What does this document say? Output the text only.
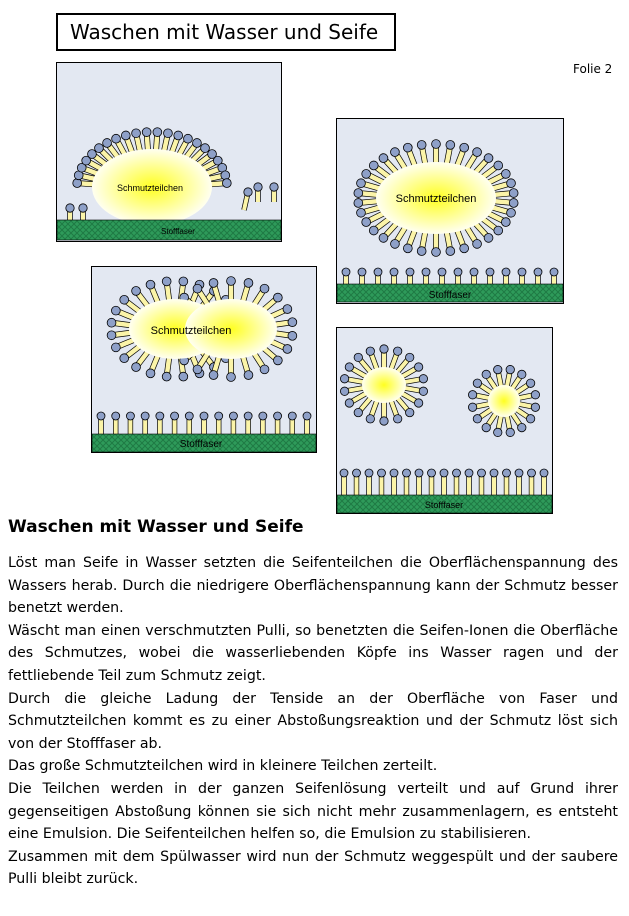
Waschen mit Wasser und Seife
Folie 2
Schmutzteilchen
Stofffaser
Schmutzteilchen
Stofffaser
Schmutzteilchen
Stofffaser
Stofffaser
Waschen mit Wasser und Seife

Löst man Seife in Wasser setzten die Seifenteilchen die Oberflächenspannung des Wassers herab. Durch die niedrigere Oberflächenspannung kann der Schmutz besser benetzt werden.

Wäscht man einen verschmutzten Pulli, so benetzten die Seifen-Ionen die Oberfläche des Schmutzes, wobei die wasserliebenden Köpfe ins Wasser ragen und der fettliebende Teil zum Schmutz zeigt.

Durch die gleiche Ladung der Tenside an der Oberfläche von Faser und Schmutzteilchen kommt es zu einer Abstoßungsreaktion und der Schmutz löst sich von der Stofffaser ab.

Das große Schmutzteilchen wird in kleinere Teilchen zerteilt.

Die Teilchen werden in der ganzen Seifenlösung verteilt und auf Grund ihrer gegenseitigen Abstoßung können sie sich nicht mehr zusammenlagern, es entsteht eine Emulsion. Die Seifenteilchen helfen so, die Emulsion zu stabilisieren.

Zusammen mit dem Spülwasser wird nun der Schmutz weggespült und der saubere Pulli bleibt zurück.
